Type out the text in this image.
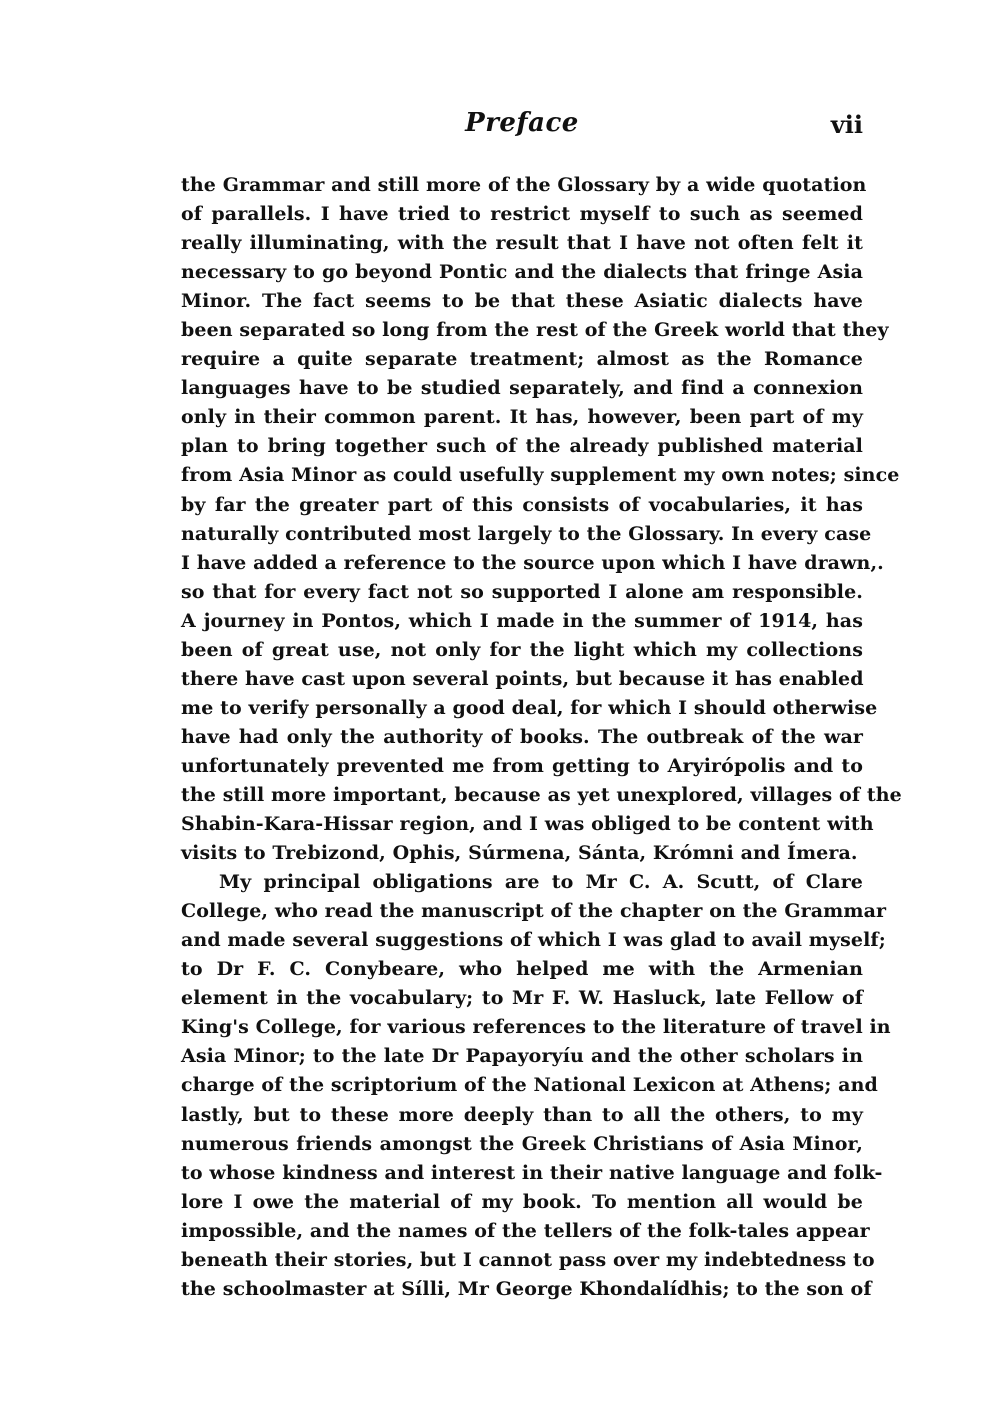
Preface	vii
the Grammar and still more of the Glossary by a wide quotation
of parallels. I have tried to restrict myself to such as seemed
really illuminating, with the result that I have not often felt it
necessary to go beyond Pontic and the dialects that fringe Asia
Minor. The fact seems to be that these Asiatic dialects have
been separated so long from the rest of the Greek world that they
require a quite separate treatment; almost as the Romance
languages have to be studied separately, and find a connexion
only in their common parent. It has, however, been part of my
plan to bring together such of the already published material
from Asia Minor as could usefully supplement my own notes; since
by far the greater part of this consists of vocabularies, it has
naturally contributed most largely to the Glossary. In every case
I have added a reference to the source upon which I have drawn,.
so that for every fact not so supported I alone am responsible.
A journey in Pontos, which I made in the summer of 1914, has
been of great use, not only for the light which my collections
there have cast upon several points, but because it has enabled
me to verify personally a good deal, for which I should otherwise
have had only the authority of books. The outbreak of the war
unfortunately prevented me from getting to Aryirópolis and to
the still more important, because as yet unexplored, villages of the
Shabin-Kara-Hissar region, and I was obliged to be content with
visits to Trebizond, Ophis, Súrmena, Sánta, Krómni and Ímera.
My principal obligations are to Mr C. A. Scutt, of Clare
College, who read the manuscript of the chapter on the Grammar
and made several suggestions of which I was glad to avail myself;
to Dr F. C. Conybeare, who helped me with the Armenian
element in the vocabulary; to Mr F. W. Hasluck, late Fellow of
King's College, for various references to the literature of travel in
Asia Minor; to the late Dr Papayoryíu and the other scholars in
charge of the scriptorium of the National Lexicon at Athens; and
lastly, but to these more deeply than to all the others, to my
numerous friends amongst the Greek Christians of Asia Minor,
to whose kindness and interest in their native language and folk-
lore I owe the material of my book. To mention all would be
impossible, and the names of the tellers of the folk-tales appear
beneath their stories, but I cannot pass over my indebtedness to
the schoolmaster at Sílli, Mr George Khondalídhis; to the son of
